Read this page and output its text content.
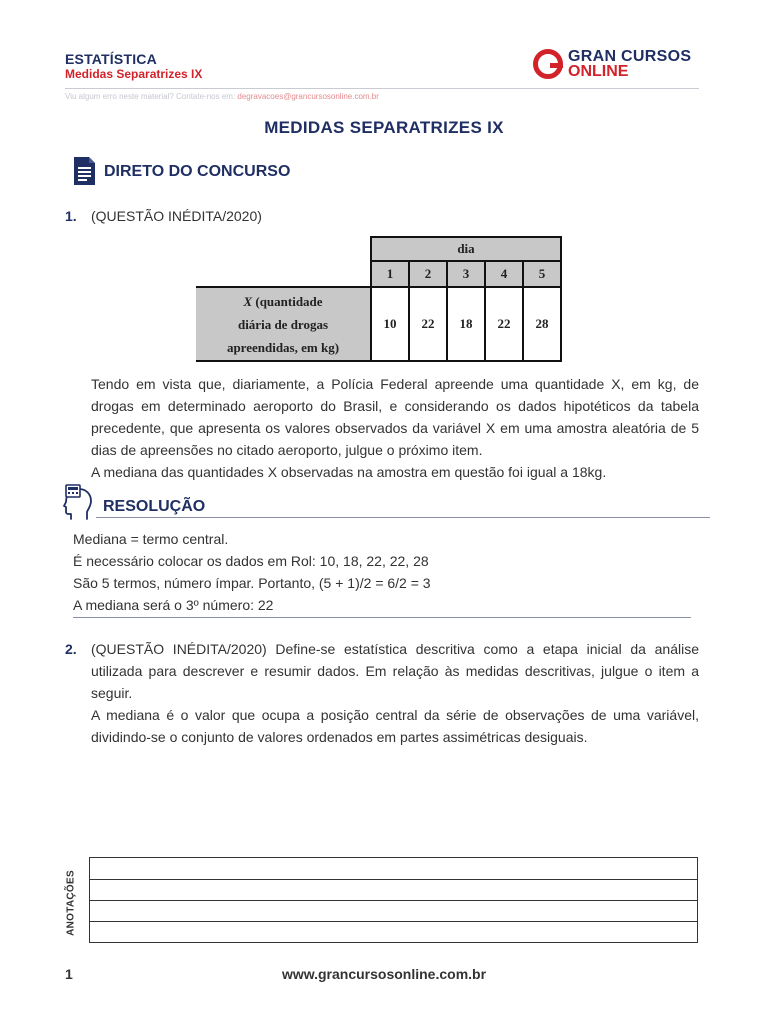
ESTATÍSTICA
Medidas Separatrizes IX
GRAN CURSOS
ONLINE
Viu algum erro neste material? Contate-nos em: degravacoes@grancursosonline.com.br
MEDIDAS SEPARATRIZES IX
DIRETO DO CONCURSO
1. (QUESTÃO INÉDITA/2020)
	dia				
	1	2	3	4	5

X (quantidade
diária de drogas
apreendidas, em kg)	10	22	18	22	28

Tendo em vista que, diariamente, a Polícia Federal apreende uma quantidade X, em kg, de drogas em determinado aeroporto do Brasil, e considerando os dados hipotéticos da tabela precedente, que apresenta os valores observados da variável X em uma amostra aleatória de 5 dias de apreensões no citado aeroporto, julgue o próximo item.

A mediana das quantidades X observadas na amostra em questão foi igual a 18kg.

RESOLUÇÃO
Mediana = termo central.
É necessário colocar os dados em Rol: 10, 18, 22, 22, 28
São 5 termos, número ímpar. Portanto, (5 + 1)/2 = 6/2 = 3
A mediana será o 3º número: 22
2. (QUESTÃO INÉDITA/2020) Define-se estatística descritiva como a etapa inicial da análise utilizada para descrever e resumir dados. Em relação às medidas descritivas, julgue o item a seguir.

A mediana é o valor que ocupa a posição central da série de observações de uma variável, dividindo-se o conjunto de valores ordenados em partes assimétricas desiguais.

ANOTAÇÕES
1	www.grancursosonline.com.br
